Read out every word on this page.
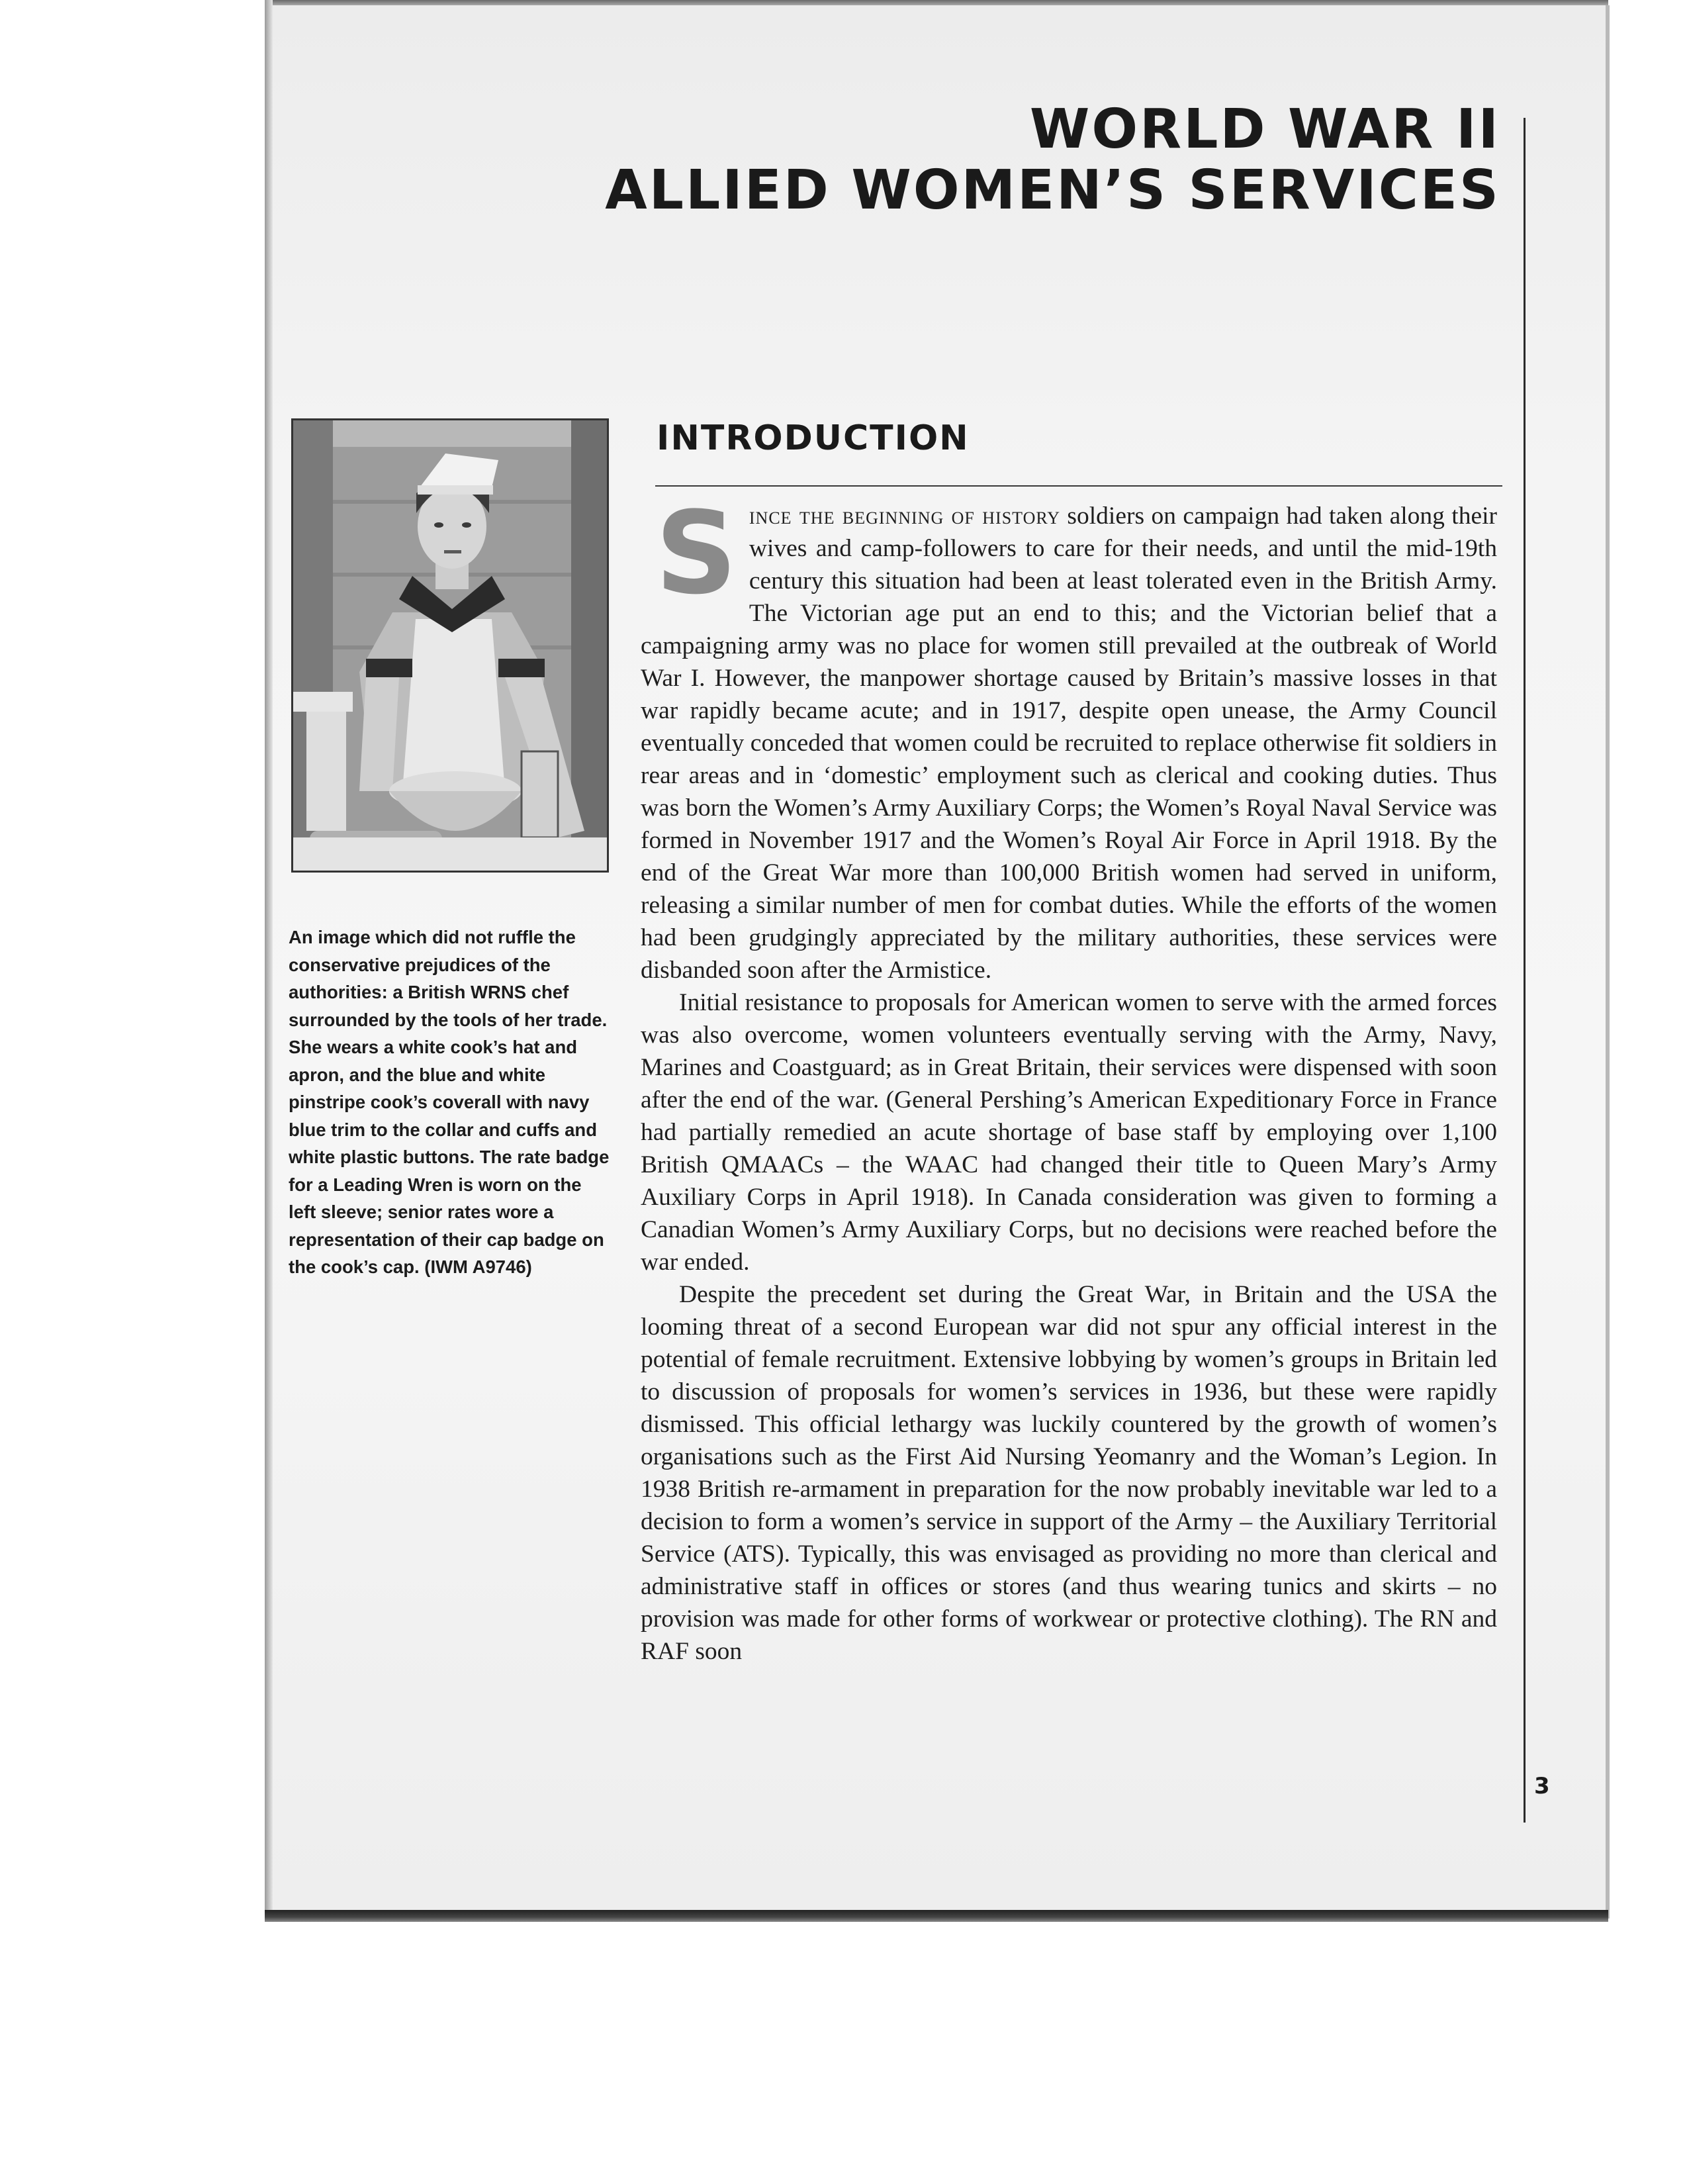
WORLD WAR II
ALLIED WOMEN’S SERVICES
An image which did not ruffle the conservative prejudices of the authorities: a British WRNS chef surrounded by the tools of her trade. She wears a white cook’s hat and apron, and the blue and white pinstripe cook’s coverall with navy blue trim to the collar and cuffs and white plastic buttons. The rate badge for a Leading Wren is worn on the left sleeve; senior rates wore a representation of their cap badge on the cook’s cap. (IWM A9746)
INTRODUCTION

Since the beginning of history soldiers on campaign had taken along their wives and camp-followers to care for their needs, and until the mid-19th century this situation had been at least tolerated even in the British Army. The Victorian age put an end to this; and the Victorian belief that a campaigning army was no place for women still prevailed at the outbreak of World War I. However, the manpower shortage caused by Britain’s massive losses in that war rapidly became acute; and in 1917, despite open unease, the Army Council eventually conceded that women could be recruited to replace otherwise fit soldiers in rear areas and in ‘domestic’ employment such as clerical and cooking duties. Thus was born the Women’s Army Auxiliary Corps; the Women’s Royal Naval Service was formed in November 1917 and the Women’s Royal Air Force in April 1918. By the end of the Great War more than 100,000 British women had served in uniform, releasing a similar number of men for combat duties. While the efforts of the women had been grudgingly appreciated by the military authorities, these services were disbanded soon after the Armistice.

Initial resistance to proposals for American women to serve with the armed forces was also overcome, women volunteers eventually serving with the Army, Navy, Marines and Coastguard; as in Great Britain, their services were dispensed with soon after the end of the war. (General Pershing’s American Expeditionary Force in France had partially remedied an acute shortage of base staff by employing over 1,100 British QMAACs – the WAAC had changed their title to Queen Mary’s Army Auxiliary Corps in April 1918). In Canada consideration was given to forming a Canadian Women’s Army Auxiliary Corps, but no decisions were reached before the war ended.

Despite the precedent set during the Great War, in Britain and the USA the looming threat of a second European war did not spur any official interest in the potential of female recruitment. Extensive lobbying by women’s groups in Britain led to discussion of proposals for women’s services in 1936, but these were rapidly dismissed. This official lethargy was luckily countered by the growth of women’s organisations such as the First Aid Nursing Yeomanry and the Woman’s Legion. In 1938 British re-armament in preparation for the now probably inevitable war led to a decision to form a women’s service in support of the Army – the Auxiliary Territorial Service (ATS). Typically, this was envisaged as providing no more than clerical and administrative staff in offices or stores (and thus wearing tunics and skirts – no provision was made for other forms of workwear or protective clothing). The RN and RAF soon

3
